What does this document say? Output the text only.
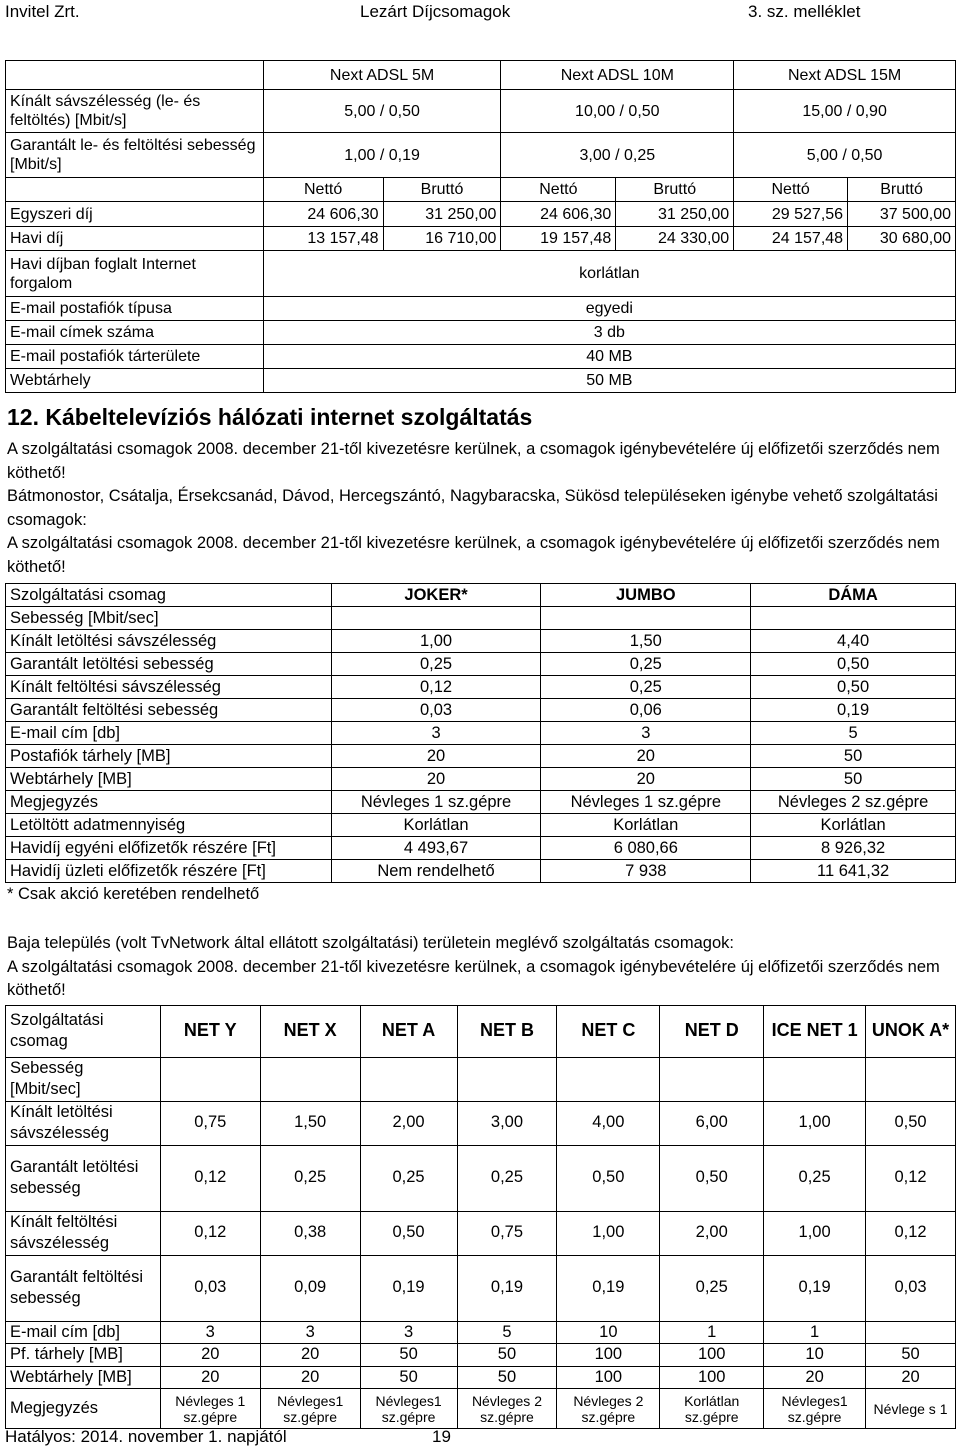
Invitel Zrt.	Lezárt Díjcsomagok	3. sz. melléklet
	Next ADSL 5M		Next ADSL 10M		Next ADSL 15M	
Kínált sávszélesség (le- és feltöltés) [Mbit/s]	5,00 / 0,50		10,00 / 0,50		15,00 / 0,90	
Garantált le- és feltöltési sebesség [Mbit/s]	1,00 / 0,19		3,00 / 0,25		5,00 / 0,50	
	Nettó	Bruttó	Nettó	Bruttó	Nettó	Bruttó
Egyszeri díj	24 606,30	31 250,00	24 606,30	31 250,00	29 527,56	37 500,00
Havi díj	13 157,48	16 710,00	19 157,48	24 330,00	24 157,48	30 680,00
Havi díjban foglalt Internet forgalom	korlátlan					
E-mail postafiók típusa	egyedi					
E-mail címek száma	3 db					
E-mail postafiók tárterülete	40 MB					
Webtárhely	50 MB					
12. Kábeltelevíziós hálózati internet szolgáltatás

A szolgáltatási csomagok 2008. december 21-től kivezetésre kerülnek, a csomagok igénybevételére új előfizetői szerződés nem köthető!

Bátmonostor, Csátalja, Érsekcsanád, Dávod, Hercegszántó, Nagybaracska, Sükösd településeken igénybe vehető szolgáltatási csomagok:

A szolgáltatási csomagok 2008. december 21-től kivezetésre kerülnek, a csomagok igénybevételére új előfizetői szerződés nem köthető!

Szolgáltatási csomag	JOKER*	JUMBO	DÁMA
Sebesség [Mbit/sec]			
Kínált letöltési sávszélesség	1,00	1,50	4,40
Garantált letöltési sebesség	0,25	0,25	0,50
Kínált feltöltési sávszélesség	0,12	0,25	0,50
Garantált feltöltési sebesség	0,03	0,06	0,19
E-mail cím [db]	3	3	5
Postafiók tárhely [MB]	20	20	50
Webtárhely [MB]	20	20	50
Megjegyzés	Névleges 1 sz.gépre	Névleges 1 sz.gépre	Névleges 2 sz.gépre
Letöltött adatmennyiség	Korlátlan	Korlátlan	Korlátlan
Havidíj egyéni előfizetők részére [Ft]	4 493,67	6 080,66	8 926,32
Havidíj üzleti előfizetők részére [Ft]	Nem rendelhető	7 938	11 641,32
* Csak akció keretében rendelhető

Baja település (volt TvNetwork által ellátott szolgáltatási) területein meglévő szolgáltatás csomagok:

A szolgáltatási csomagok 2008. december 21-től kivezetésre kerülnek, a csomagok igénybevételére új előfizetői szerződés nem köthető!

Szolgáltatási csomag	NET Y	NET X	NET A	NET B	NET C	NET D	ICE NET 1	UNOK A*
Sebesség [Mbit/sec]								
Kínált letöltési sávszélesség	0,75	1,50	2,00	3,00	4,00	6,00	1,00	0,50
Garantált letöltési sebesség	0,12	0,25	0,25	0,25	0,50	0,50	0,25	0,12
Kínált feltöltési sávszélesség	0,12	0,38	0,50	0,75	1,00	2,00	1,00	0,12
Garantált feltöltési sebesség	0,03	0,09	0,19	0,19	0,19	0,25	0,19	0,03
E-mail cím [db]	3	3	3	5	10	1	1	
Pf. tárhely [MB]	20	20	50	50	100	100	10	50
Webtárhely [MB]	20	20	50	50	100	100	20	20
Megjegyzés	Névleges 1 sz.gépre	Névleges1 sz.gépre	Névleges1 sz.gépre	Névleges 2 sz.gépre	Névleges 2 sz.gépre	Korlátlan sz.gépre	Névleges1 sz.gépre	Névlege s 1
Hatályos: 2014. november 1. napjától	19
